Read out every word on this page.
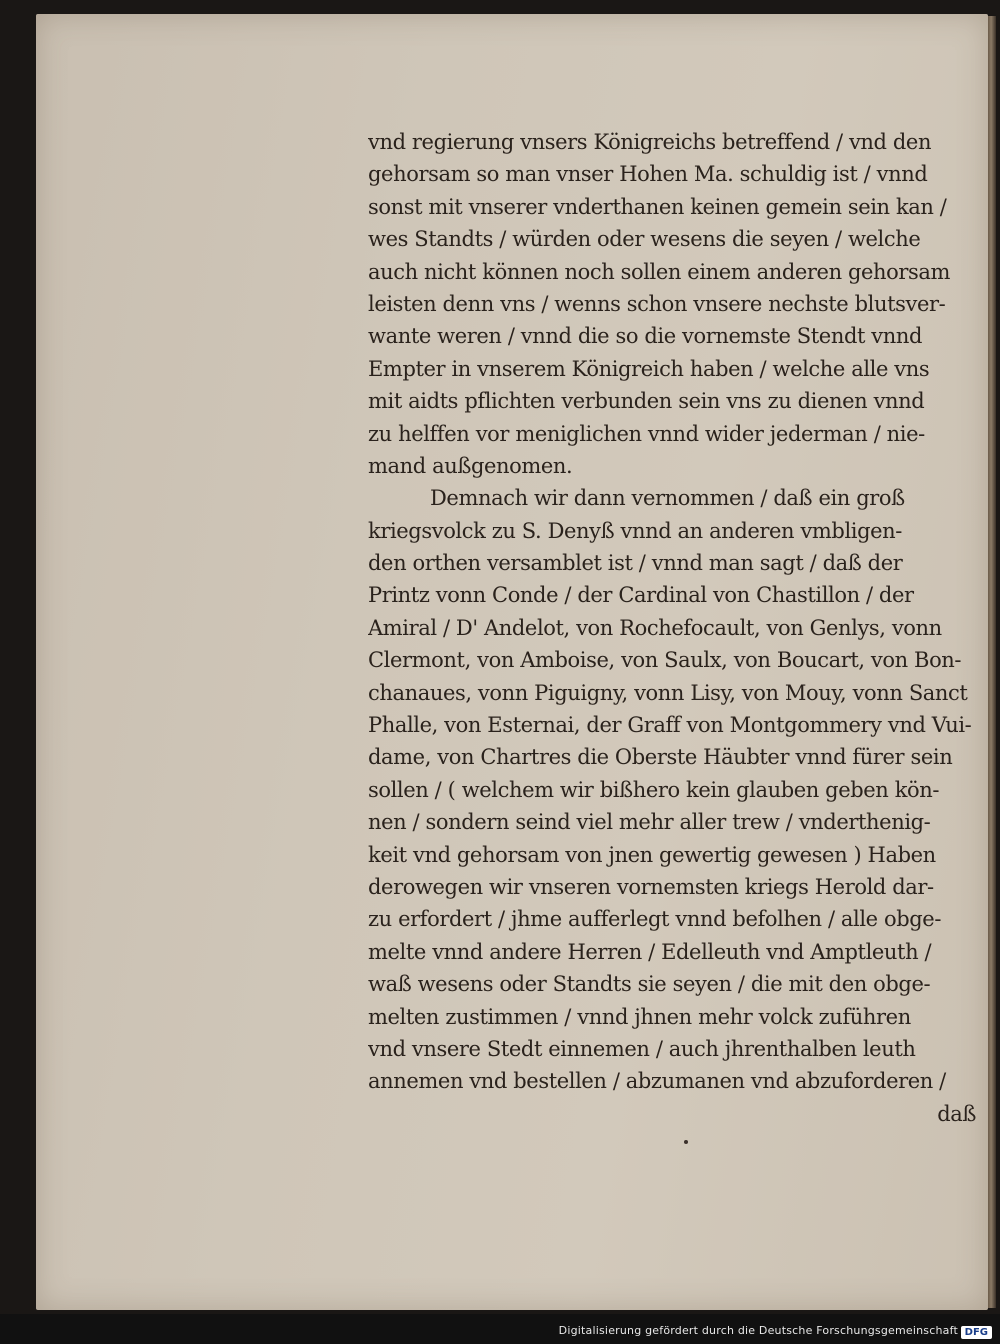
vnd regierung vnsers Königreichs betreffend / vnd den
gehorsam so man vnser Hohen Ma. schuldig ist / vnnd
sonst mit vnserer vnderthanen keinen gemein sein kan /
wes Standts / würden oder wesens die seyen / welche
auch nicht können noch sollen einem anderen gehorsam
leisten denn vns / wenns schon vnsere nechste blutsver-
wante weren / vnnd die so die vornemste Stendt vnnd
Empter in vnserem Königreich haben / welche alle vns
mit aidts pflichten verbunden sein vns zu dienen vnnd
zu helffen vor meniglichen vnnd wider jederman / nie-
mand außgenomen.
Demnach wir dann vernommen / daß ein groß
kriegsvolck zu S. Denyß vnnd an anderen vmbligen-
den orthen versamblet ist / vnnd man sagt / daß der
Printz vonn Conde / der Cardinal von Chastillon / der
Amiral / D' Andelot, von Rochefocault, von Genlys, vonn
Clermont, von Amboise, von Saulx, von Boucart, von Bon-
chanaues, vonn Piguigny, vonn Lisy, von Mouy, vonn Sanct
Phalle, von Esternai, der Graff von Montgommery vnd Vui-
dame, von Chartres die Oberste Häubter vnnd fürer sein
sollen / ( welchem wir bißhero kein glauben geben kön-
nen / sondern seind viel mehr aller trew / vnderthenig-
keit vnd gehorsam von jnen gewertig gewesen ) Haben
derowegen wir vnseren vornemsten kriegs Herold dar-
zu erfordert / jhme aufferlegt vnnd befolhen / alle obge-
melte vnnd andere Herren / Edelleuth vnd Amptleuth /
waß wesens oder Standts sie seyen / die mit den obge-
melten zustimmen / vnnd jhnen mehr volck zuführen
vnd vnsere Stedt einnemen / auch jhrenthalben leuth
annemen vnd bestellen / abzumanen vnd abzuforderen /
daß
Digitalisierung gefördert durch die Deutsche Forschungsgemeinschaft DFG
